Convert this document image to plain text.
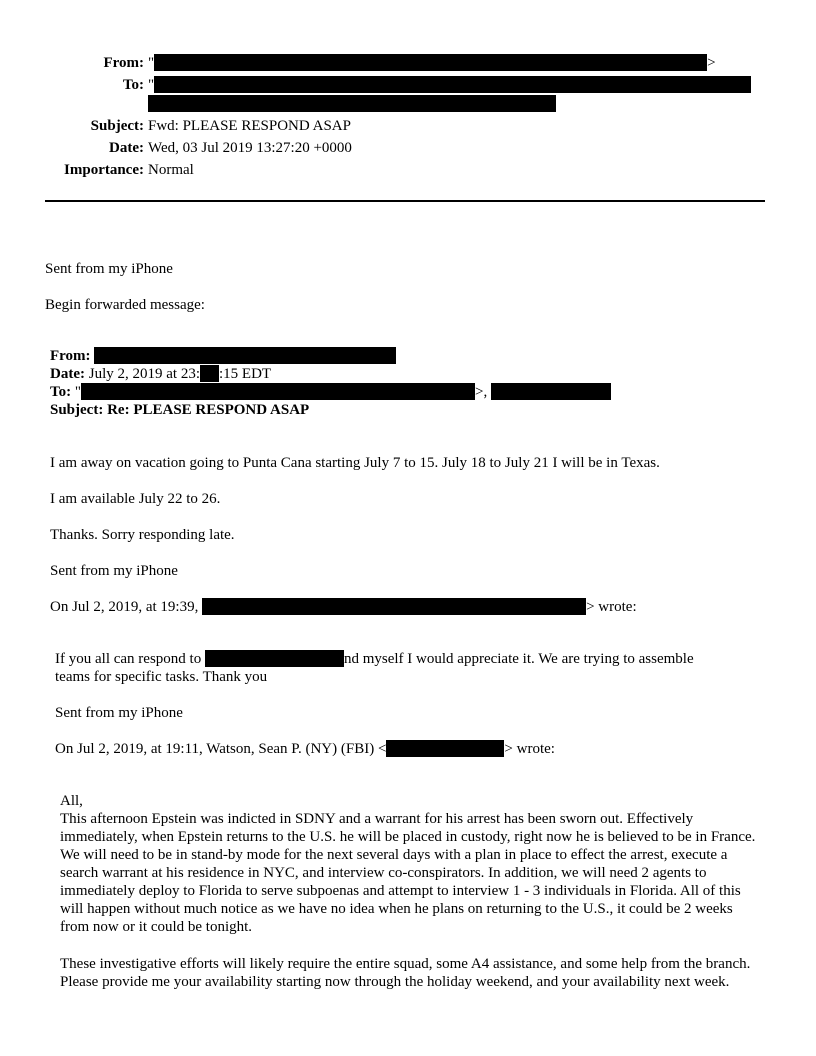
From: "	>
To: "
Subject: Fwd: PLEASE RESPOND ASAP
Date: Wed, 03 Jul 2019 13:27:20 +0000
Importance: Normal
Sent from my iPhone
Begin forwarded message:
From:
Date: July 2, 2019 at 23: :15 EDT
To: "	>,
Subject: Re: PLEASE RESPOND ASAP
I am away on vacation going to Punta Cana starting July 7 to 15. July 18 to July 21 I will be in Texas.
I am available July 22 to 26.
Thanks. Sorry responding late.
Sent from my iPhone
On Jul 2, 2019, at 19:39,	> wrote:
If you all can respond to	nd myself I would appreciate it. We are trying to assemble
teams for specific tasks. Thank you
Sent from my iPhone
On Jul 2, 2019, at 19:11, Watson, Sean P. (NY) (FBI) <	> wrote:
All,
This afternoon Epstein was indicted in SDNY and a warrant for his arrest has been sworn out. Effectively immediately, when Epstein returns to the U.S. he will be placed in custody, right now he is believed to be in France. We will need to be in stand-by mode for the next several days with a plan in place to effect the arrest, execute a search warrant at his residence in NYC, and interview co-conspirators. In addition, we will need 2 agents to immediately deploy to Florida to serve subpoenas and attempt to interview 1 - 3 individuals in Florida. All of this will happen without much notice as we have no idea when he plans on returning to the U.S., it could be 2 weeks from now or it could be tonight.
These investigative efforts will likely require the entire squad, some A4 assistance, and some help from the branch. Please provide me your availability starting now through the holiday weekend, and your availability next week.
